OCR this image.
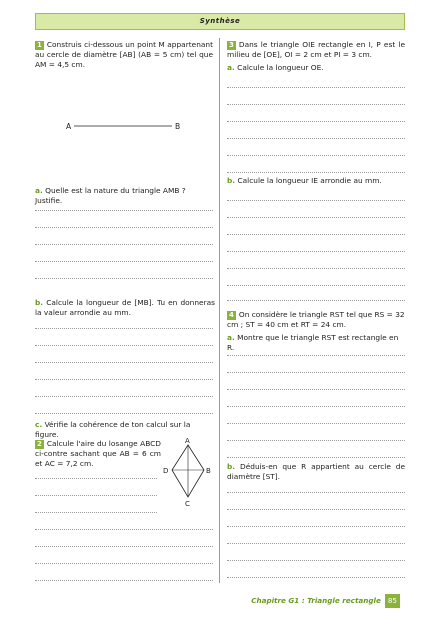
Synthèse
1 Construis ci-dessous un point M appartenant au cercle de diamètre [AB] (AB = 5 cm) tel que AM = 4,5 cm.
A	B
a. Quelle est la nature du triangle AMB ? Justifie.
b. Calcule la longueur de [MB]. Tu en donneras la valeur arrondie au mm.
c. Vérifie la cohérence de ton calcul sur la figure.
2 Calcule l'aire du losange ABCD ci-contre sachant que AB = 6 cm et AC = 7,2 cm.
A
B
C
D
3 Dans le triangle OIE rectangle en I, P est le milieu de [OE], OI = 2 cm et PI = 3 cm.
a. Calcule la longueur OE.
b. Calcule la longueur IE arrondie au mm.
4 On considère le triangle RST tel que RS = 32 cm ; ST = 40 cm et RT = 24 cm.
a. Montre que le triangle RST est rectangle en R.
b. Déduis-en que R appartient au cercle de diamètre [ST].
Chapitre G1 : Triangle rectangle 85
